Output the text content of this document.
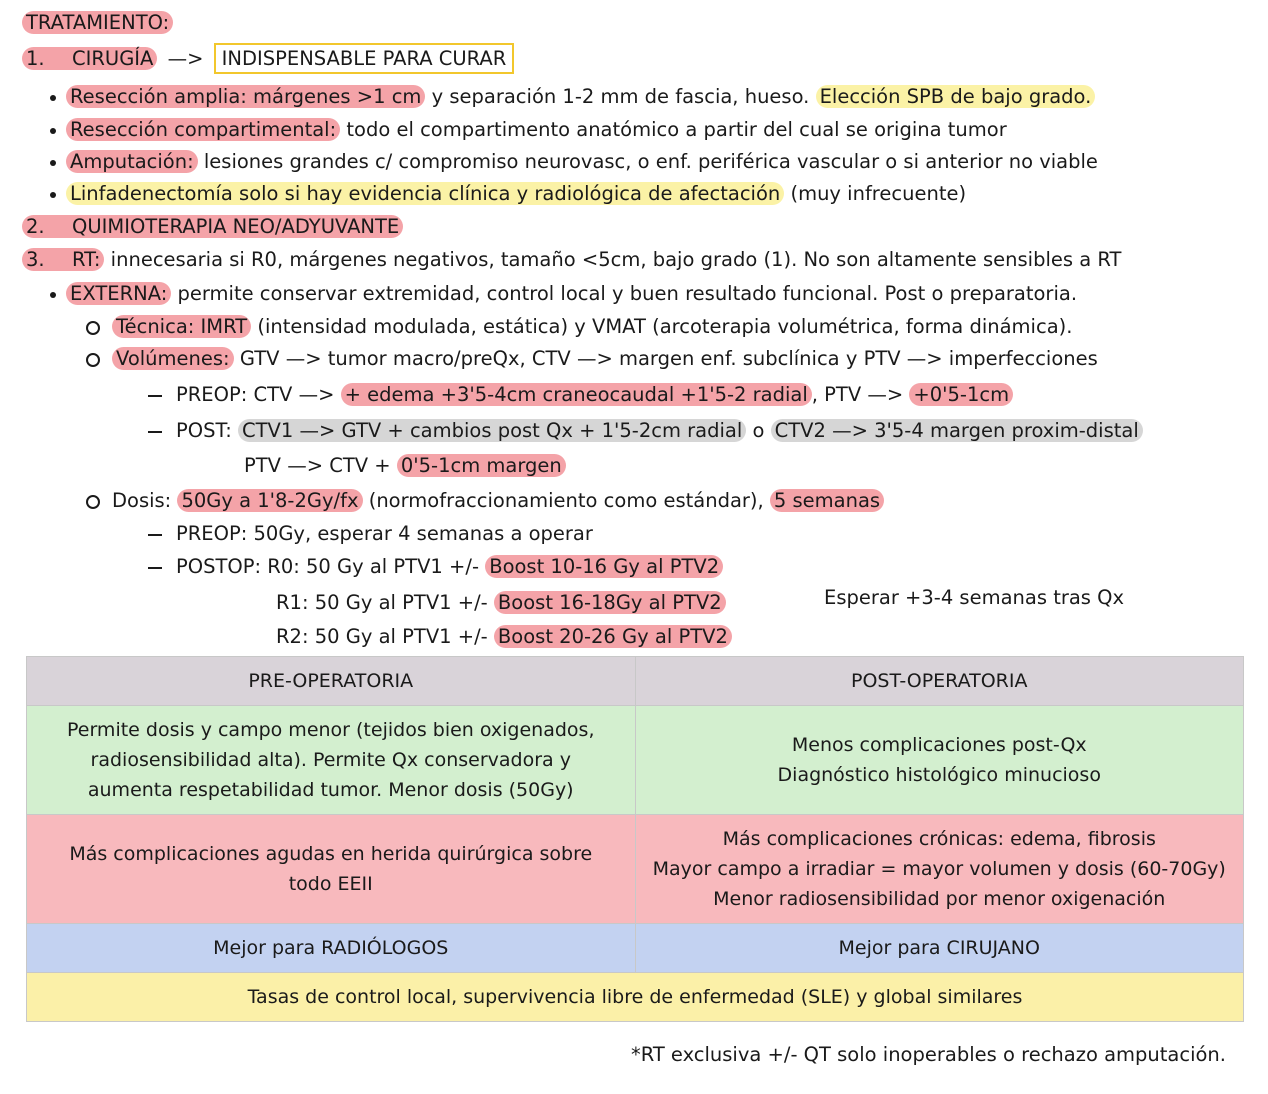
TRATAMIENTO:
1. CIRUGÍA —> INDISPENSABLE PARA CURAR
Resección amplia: márgenes >1 cm y separación 1-2 mm de fascia, hueso. Elección SPB de bajo grado.
Resección compartimental: todo el compartimento anatómico a partir del cual se origina tumor
Amputación: lesiones grandes c/ compromiso neurovasc, o enf. periférica vascular o si anterior no viable
Linfadenectomía solo si hay evidencia clínica y radiológica de afectación (muy infrecuente)
2. QUIMIOTERAPIA NEO/ADYUVANTE
3. RT: innecesaria si R0, márgenes negativos, tamaño <5cm, bajo grado (1). No son altamente sensibles a RT
EXTERNA: permite conservar extremidad, control local y buen resultado funcional. Post o preparatoria.
Técnica: IMRT (intensidad modulada, estática) y VMAT (arcoterapia volumétrica, forma dinámica).
Volúmenes: GTV —> tumor macro/preQx, CTV —> margen enf. subclínica y PTV —> imperfecciones
PREOP: CTV —> + edema +3'5-4cm craneocaudal +1'5-2 radial , PTV —> +0'5-1cm
POST: CTV1 —> GTV + cambios post Qx + 1'5-2cm radial o CTV2 —> 3'5-4 margen proxim-distal
PTV —> CTV + 0'5-1cm margen
Dosis: 50Gy a 1'8-2Gy/fx (normofraccionamiento como estándar), 5 semanas
PREOP: 50Gy, esperar 4 semanas a operar
POSTOP: R0: 50 Gy al PTV1 +/- Boost 10-16 Gy al PTV2
R1: 50 Gy al PTV1 +/- Boost 16-18Gy al PTV2
R2: 50 Gy al PTV1 +/- Boost 20-26 Gy al PTV2
Esperar +3-4 semanas tras Qx
PRE-OPERATORIA	POST-OPERATORIA

Permite dosis y campo menor (tejidos bien oxigenados,
radiosensibilidad alta). Permite Qx conservadora y
aumenta respetabilidad tumor. Menor dosis (50Gy)	Menos complicaciones post-Qx
Diagnóstico histológico minucioso

Más complicaciones agudas en herida quirúrgica sobre
todo EEII	Más complicaciones crónicas: edema, fibrosis
Mayor campo a irradiar = mayor volumen y dosis (60-70Gy)
Menor radiosensibilidad por menor oxigenación

Mejor para RADIÓLOGOS	Mejor para CIRUJANO
Tasas de control local, supervivencia libre de enfermedad (SLE) y global similares	
*RT exclusiva +/- QT solo inoperables o rechazo amputación.
